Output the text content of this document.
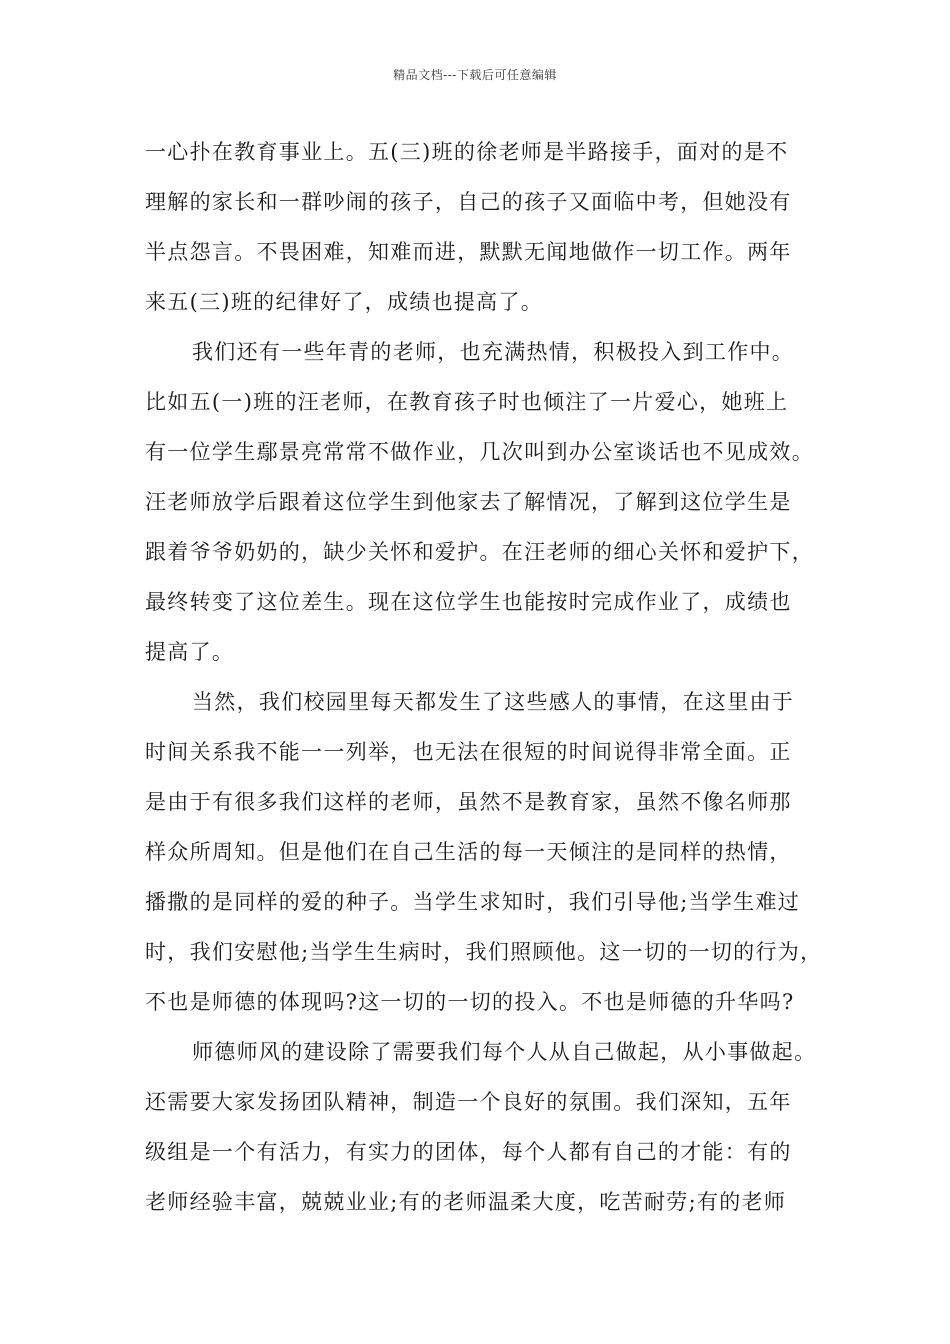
精品文档---下载后可任意编辑
一心扑在教育事业上。五(三)班的徐老师是半路接手，面对的是不
理解的家长和一群吵闹的孩子，自己的孩子又面临中考，但她没有
半点怨言。不畏困难，知难而进，默默无闻地做作一切工作。两年
来五(三)班的纪律好了，成绩也提高了。
我们还有一些年青的老师，也充满热情，积极投入到工作中。
比如五(一)班的汪老师，在教育孩子时也倾注了一片爱心，她班上
有一位学生鄢景亮常常不做作业，几次叫到办公室谈话也不见成效。
汪老师放学后跟着这位学生到他家去了解情况，了解到这位学生是
跟着爷爷奶奶的，缺少关怀和爱护。在汪老师的细心关怀和爱护下，
最终转变了这位差生。现在这位学生也能按时完成作业了，成绩也
提高了。
当然，我们校园里每天都发生了这些感人的事情，在这里由于
时间关系我不能一一列举，也无法在很短的时间说得非常全面。正
是由于有很多我们这样的老师，虽然不是教育家，虽然不像名师那
样众所周知。但是他们在自己生活的每一天倾注的是同样的热情，
播撒的是同样的爱的种子。当学生求知时，我们引导他;当学生难过
时，我们安慰他;当学生生病时，我们照顾他。这一切的一切的行为，
不也是师德的体现吗?这一切的一切的投入。不也是师德的升华吗?
师德师风的建设除了需要我们每个人从自己做起，从小事做起。
还需要大家发扬团队精神，制造一个良好的氛围。我们深知，五年
级组是一个有活力，有实力的团体，每个人都有自己的才能：有的
老师经验丰富，兢兢业业;有的老师温柔大度，吃苦耐劳;有的老师
